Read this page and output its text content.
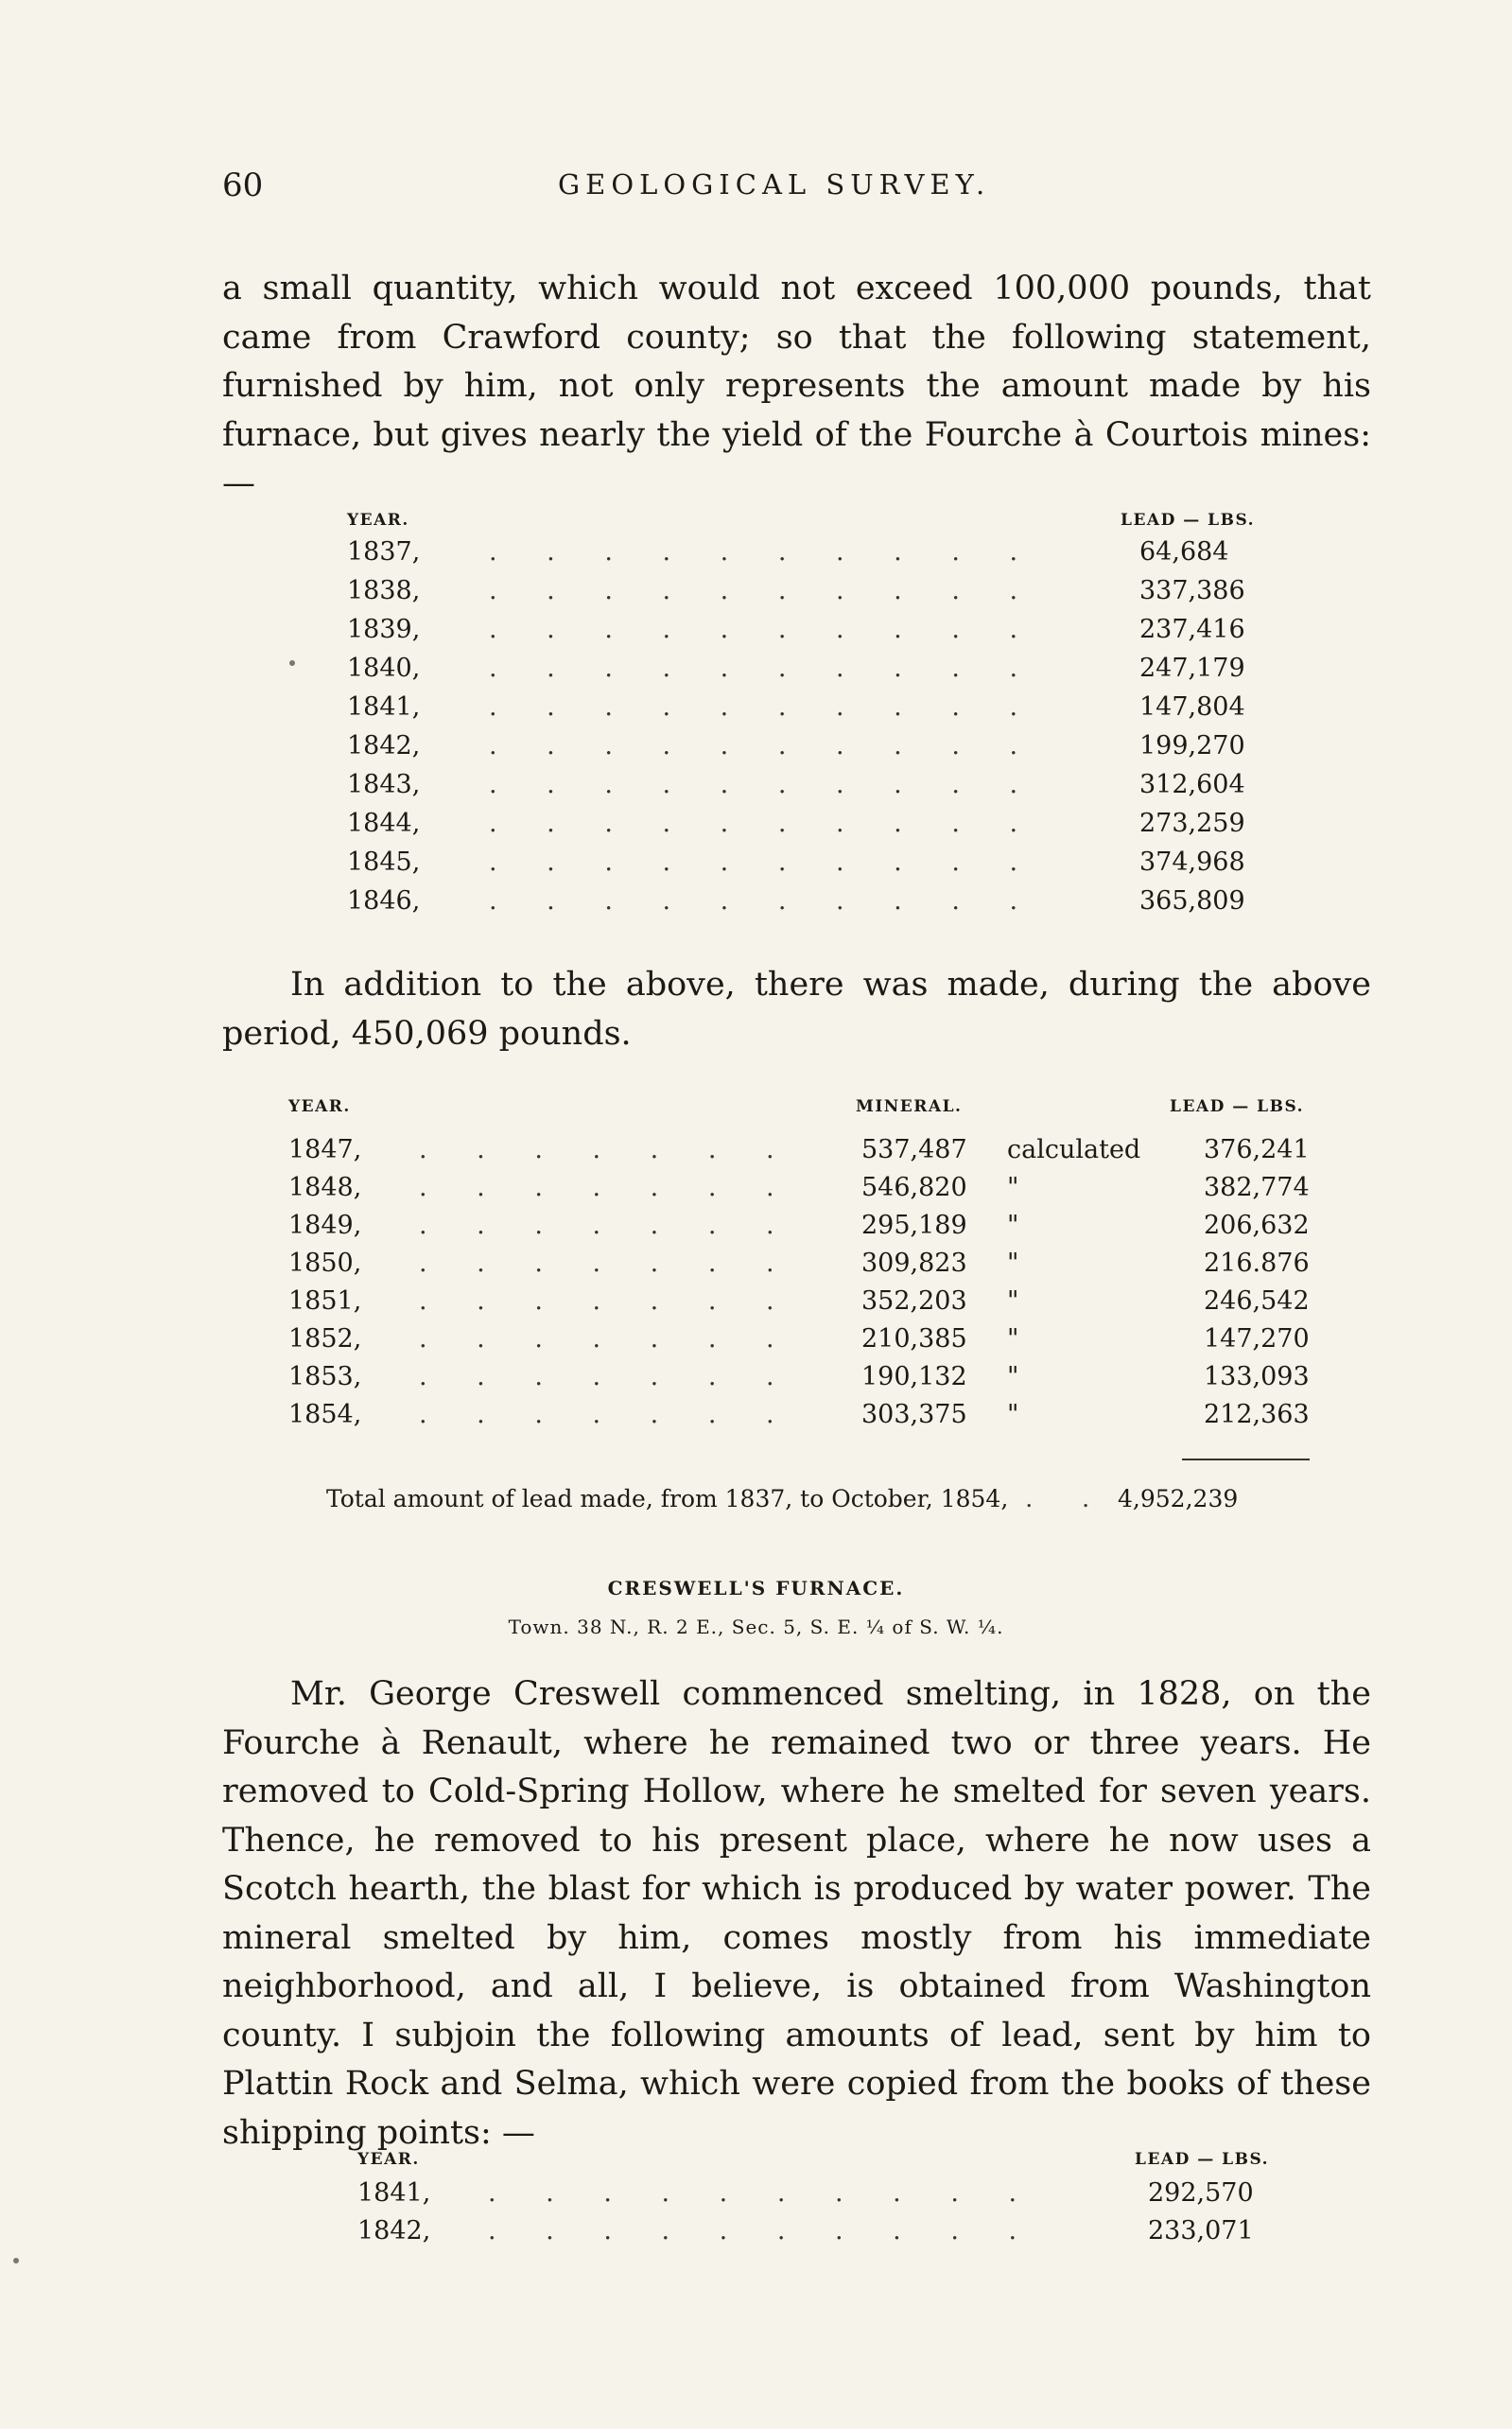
60	GEOLOGICAL SURVEY.

a small quantity, which would not exceed 100,000 pounds, that came from Crawford county; so that the following statement, furnished by him, not only represents the amount made by his furnace, but gives nearly the yield of the Fourche à Courtois mines: —

YEAR.	LEAD — LBS.
1837,	. . . . . . . . . .	64,684
1838,	. . . . . . . . . .	337,386
1839,	. . . . . . . . . .	237,416
1840,	. . . . . . . . . .	247,179
1841,	. . . . . . . . . .	147,804
1842,	. . . . . . . . . .	199,270
1843,	. . . . . . . . . .	312,604
1844,	. . . . . . . . . .	273,259
1845,	. . . . . . . . . .	374,968
1846,	. . . . . . . . . .	365,809

In addition to the above, there was made, during the above period, 450,069 pounds.

YEAR.	MINERAL.	LEAD — LBS.
1847, . . . . . . .	537,487 calculated 376,241
1848, . . . . . . .	546,820 "	382,774
1849, . . . . . . .	295,189 "	206,632
1850, . . . . . . .	309,823 "	216.876
1851, . . . . . . .	352,203 "	246,542
1852, . . . . . . .	210,385 "	147,270
1853, . . . . . . .	190,132 "	133,093
1854, . . . . . . .	303,375 "	212,363
Total amount of lead made, from 1837, to October, 1854, . . 4,952,239
CRESWELL'S FURNACE.
Town. 38 N., R. 2 E., Sec. 5, S. E. ¼ of S. W. ¼.

Mr. George Creswell commenced smelting, in 1828, on the Fourche à Renault, where he remained two or three years. He removed to Cold-Spring Hollow, where he smelted for seven years. Thence, he removed to his present place, where he now uses a Scotch hearth, the blast for which is produced by water power. The mineral smelted by him, comes mostly from his immediate neighborhood, and all, I believe, is obtained from Washington county. I subjoin the following amounts of lead, sent by him to Plattin Rock and Selma, which were copied from the books of these shipping points: —

YEAR.	LEAD — LBS.
1841, . . . . . . . . . .	292,570
1842, . . . . . . . . . .	233,071
